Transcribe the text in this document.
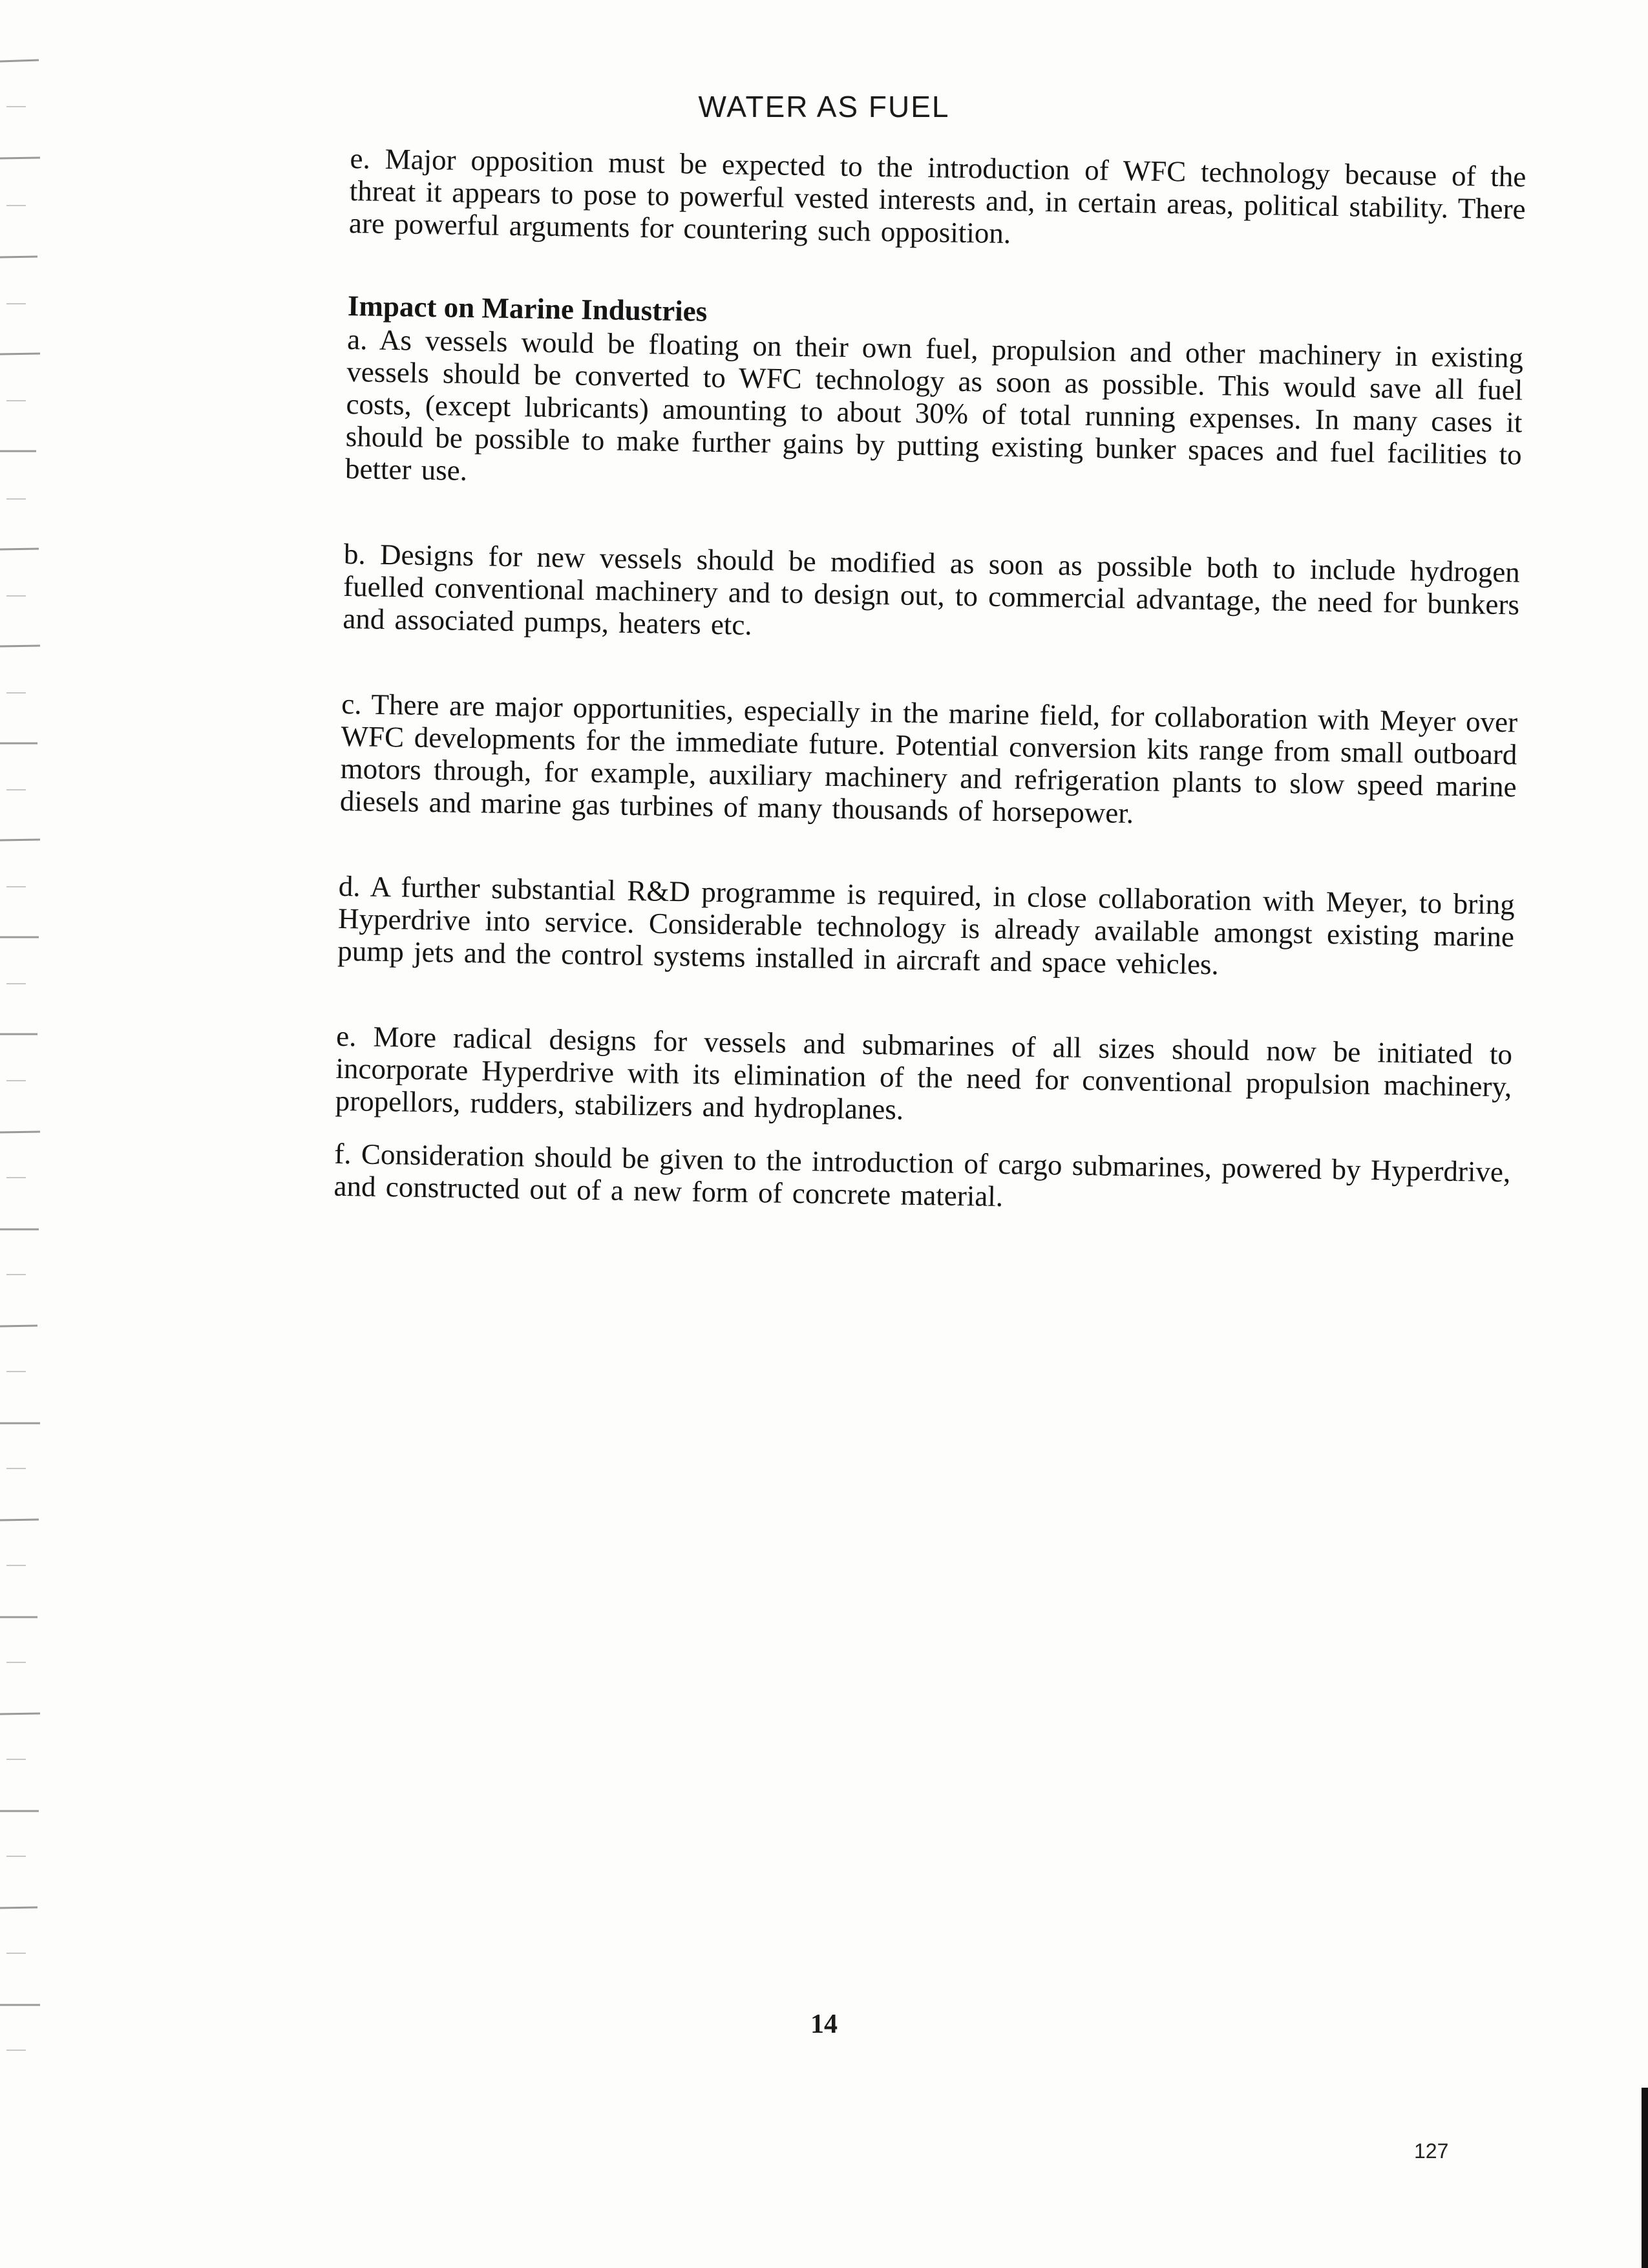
WATER AS FUEL

e. Major opposition must be expected to the introduction of WFC technology because of the threat it appears to pose to powerful vested interests and, in certain areas, political stability. There are powerful arguments for countering such opposition.

Impact on Marine Industries

a. As vessels would be floating on their own fuel, propulsion and other machinery in existing vessels should be converted to WFC technology as soon as possible. This would save all fuel costs, (except lubricants) amounting to about 30% of total running expenses. In many cases it should be possible to make further gains by putting existing bunker spaces and fuel facilities to better use.

b. Designs for new vessels should be modified as soon as possible both to include hydrogen fuelled conventional machinery and to design out, to commercial advantage, the need for bunkers and associated pumps, heaters etc.

c. There are major opportunities, especially in the marine field, for collaboration with Meyer over WFC developments for the immediate future. Potential conversion kits range from small outboard motors through, for example, auxiliary machinery and refrigeration plants to slow speed marine diesels and marine gas turbines of many thousands of horsepower.

d. A further substantial R&D programme is required, in close collaboration with Meyer, to bring Hyperdrive into service. Considerable technology is already available amongst existing marine pump jets and the control systems installed in aircraft and space vehicles.

e. More radical designs for vessels and submarines of all sizes should now be initiated to incorporate Hyperdrive with its elimination of the need for conventional propulsion machinery, propellors, rudders, stabilizers and hydroplanes.

f. Consideration should be given to the introduction of cargo submarines, powered by Hyperdrive, and constructed out of a new form of concrete material.

14
127
